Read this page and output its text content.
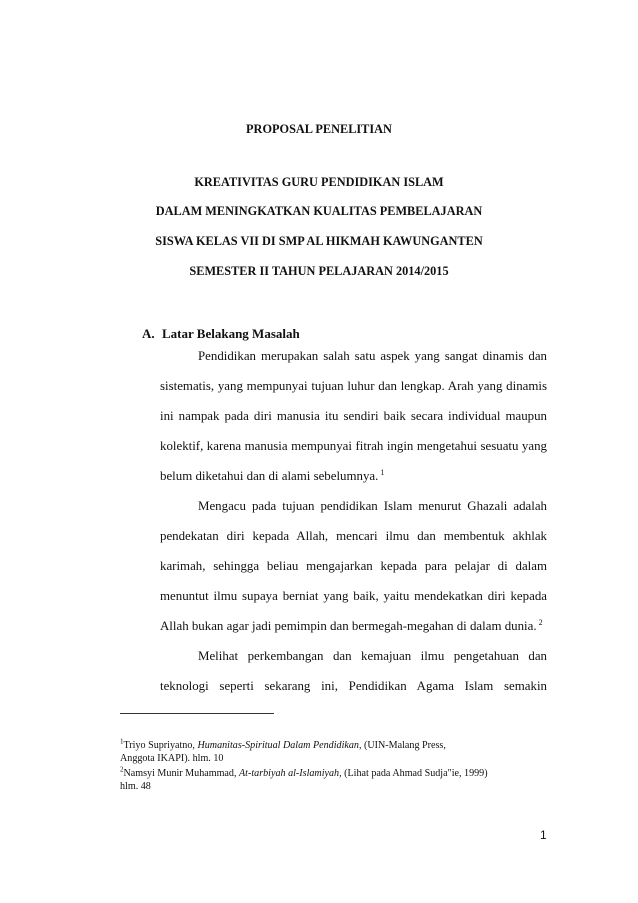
PROPOSAL PENELITIAN
KREATIVITAS GURU PENDIDIKAN ISLAM
DALAM MENINGKATKAN KUALITAS PEMBELAJARAN
SISWA KELAS VII DI SMP AL HIKMAH KAWUNGANTEN
SEMESTER II TAHUN PELAJARAN 2014/2015
A. Latar Belakang Masalah
Pendidikan merupakan salah satu aspek yang sangat dinamis dan
sistematis, yang mempunyai tujuan luhur dan lengkap. Arah yang dinamis
ini nampak pada diri manusia itu sendiri baik secara individual maupun
kolektif, karena manusia mempunyai fitrah ingin mengetahui sesuatu yang
belum diketahui dan di alami sebelumnya. $^1$
Mengacu pada tujuan pendidikan Islam menurut Ghazali adalah
pendekatan diri kepada Allah, mencari ilmu dan membentuk akhlak
karimah, sehingga beliau mengajarkan kepada para pelajar di dalam
menuntut ilmu supaya berniat yang baik, yaitu mendekatkan diri kepada
Allah bukan agar jadi pemimpin dan bermegah-megahan di dalam dunia. $^2$
Melihat perkembangan dan kemajuan ilmu pengetahuan dan
teknologi seperti sekarang ini, Pendidikan Agama Islam semakin
$^1$Triyo Supriyatno, Humanitas-Spiritual Dalam Pendidikan, (UIN-Malang Press,
Anggota IKAPI). hlm. 10
$^2$Namsyi Munir Muhammad, At-tarbiyah al-Islamiyah, (Lihat pada Ahmad Sudja"ie, 1999)
hlm. 48
1
